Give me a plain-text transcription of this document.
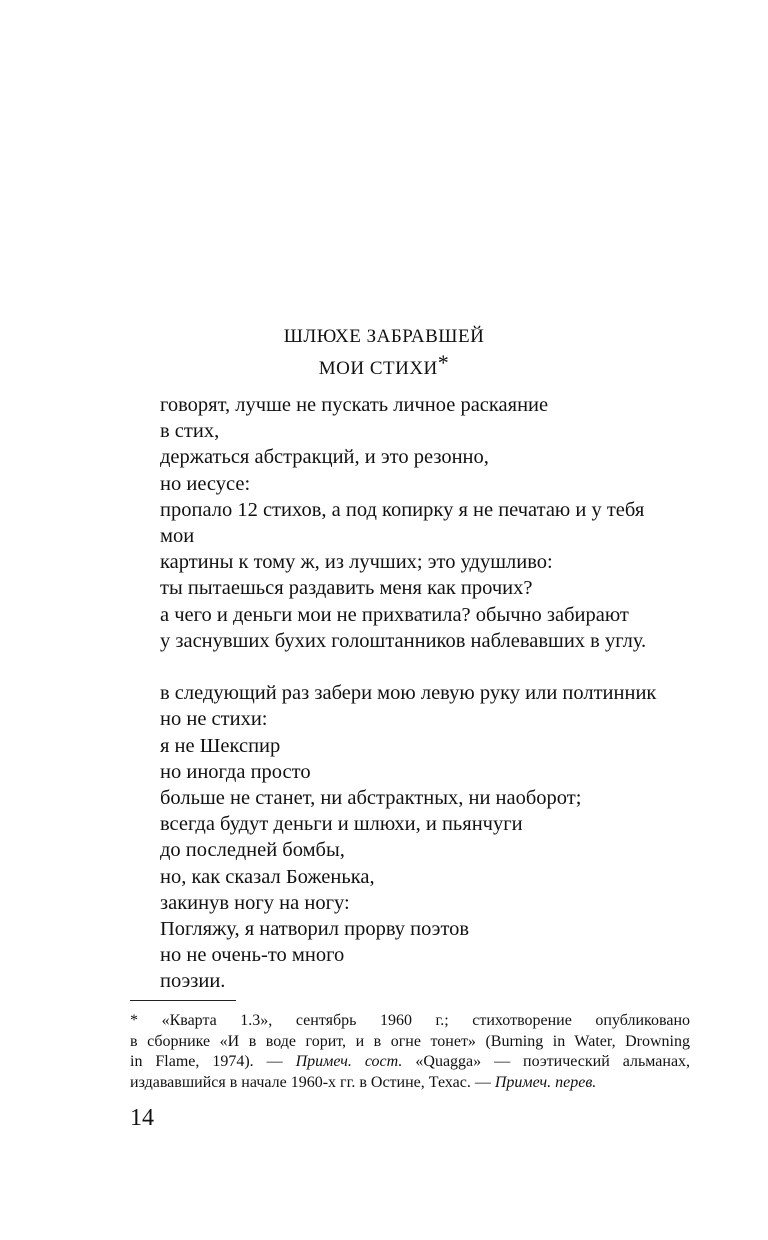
ШЛЮХЕ ЗАБРАВШЕЙ
МОИ СТИХИ*
говорят, лучше не пускать личное раскаяние
в стих,
держаться абстракций, и это резонно,
но иесусе:
пропало 12 стихов, а под копирку я не печатаю и у тебя
мои
картины к тому ж, из лучших; это удушливо:
ты пытаешься раздавить меня как прочих?
а чего и деньги мои не прихватила? обычно забирают
у заснувших бухих голоштанников наблевавших в углу.
в следующий раз забери мою левую руку или полтинник
но не стихи:
я не Шекспир
но иногда просто
больше не станет, ни абстрактных, ни наоборот;
всегда будут деньги и шлюхи, и пьянчуги
до последней бомбы,
но, как сказал Боженька,
закинув ногу на ногу:
Погляжу, я натворил прорву поэтов
но не очень-то много
поэзии.
* «Кварта 1.3», сентябрь 1960 г.; стихотворение опубликовано
в сборнике «И в воде горит, и в огне тонет» (Burning in Water, Drowning
in Flame, 1974). — Примеч. сост. «Quagga» — поэтический альманах,
издававшийся в начале 1960-х гг. в Остине, Техас. — Примеч. перев.
14
